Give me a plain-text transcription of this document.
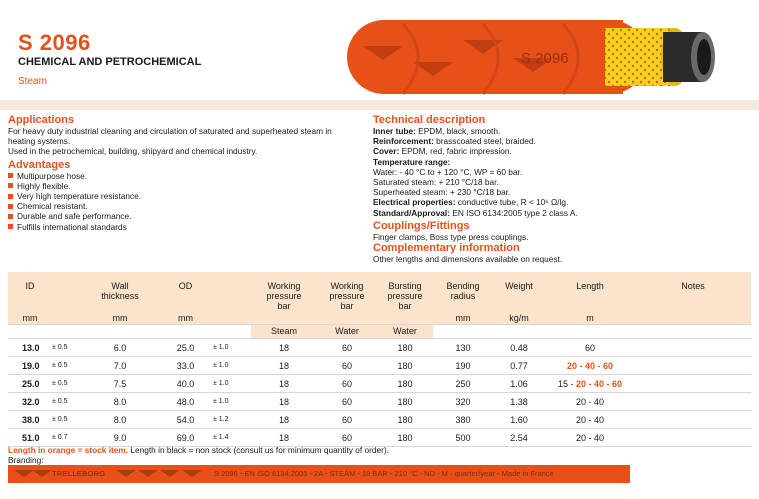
S 2096
CHEMICAL AND PETROCHEMICAL
Steam
S 2096
Applications
For heavy duty industrial cleaning and circulation of saturated and superheated steam in
heating systems.
Used in the petrochemical, building, shipyard and chemical industry.
Advantages
Multipurpose hose.
Highly flexible.
Very high temperature resistance.
Chemical resistant.
Durable and safe performance.
Fulfills international standards
Technical description
Inner tube: EPDM, black, smooth.
Reinforcement: brasscoated steel, braided.
Cover: EPDM, red, fabric impression.
Temperature range:
Water: - 40 °C to + 120 °C, WP = 60 bar.
Saturated steam: + 210 °C/18 bar.
Superheated steam: + 230 °C/18 bar.
Electrical properties: conductive tube, R < 10⁶ Ω/lg.
Standard/Approval: EN ISO 6134:2005 type 2 class A.
Couplings/Fittings
Finger clamps, Boss type press couplings.
Complementary information
Other lengths and dimensions available on request.
ID		Wall
thickness	OD		Working
pressure
bar	Working
pressure
bar	Bursting
pressure
bar	Bending
radius	Weight	Length	Notes
mm		mm	mm					mm	kg/m	m	
					Steam	Water	Water				
13.0	± 0.5	6.0	25.0	± 1.0	18	60	180	130	0.48	60	
19.0	± 0.5	7.0	33.0	± 1.0	18	60	180	190	0.77	20 - 40 - 60	
25.0	± 0.5	7.5	40.0	± 1.0	18	60	180	250	1.06	15 - 20 - 40 - 60	
32.0	± 0.5	8.0	48.0	± 1.0	18	60	180	320	1.38	20 - 40	
38.0	± 0.5	8.0	54.0	± 1.2	18	60	180	380	1.60	20 - 40	
51.0	± 0.7	9.0	69.0	± 1.4	18	60	180	500	2.54	20 - 40	
Length in orange = stock item. Length in black = non stock (consult us for minimum quantity of order).
Branding:
TRELLEBORG	S 2096 - EN ISO 6134:2005 - 2A - STEAM - 18 BAR - 210 °C - ND - M - quarter/year - Made in France
